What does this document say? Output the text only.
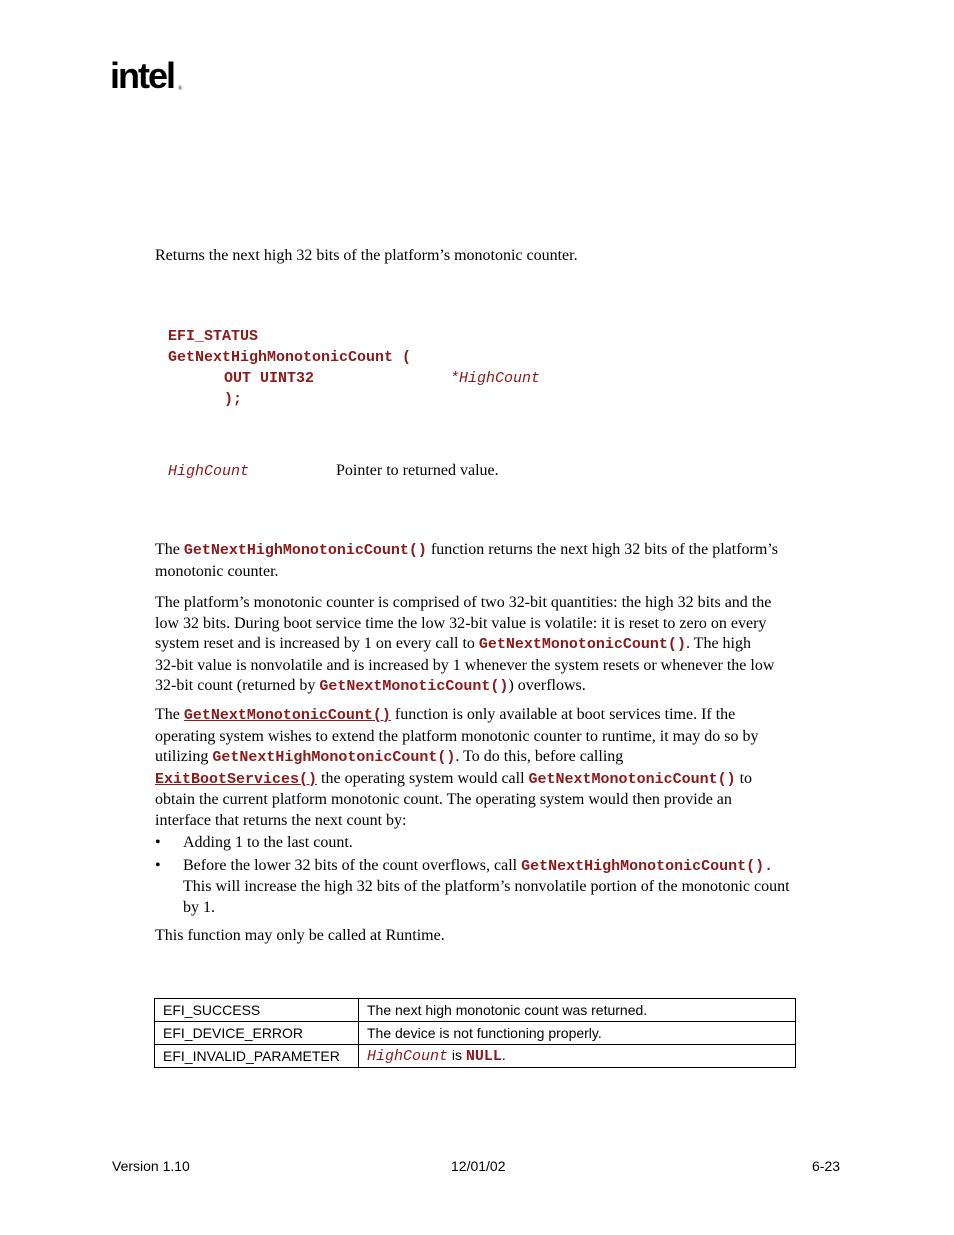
intel ®
Returns the next high 32 bits of the platform’s monotonic counter.
EFI_STATUS
GetNextHighMonotonicCount (
OUT UINT32	*HighCount
);
HighCount	Pointer to returned value.

The GetNextHighMonotonicCount() function returns the next high 32 bits of the platform’s

monotonic counter.

The platform’s monotonic counter is comprised of two 32-bit quantities: the high 32 bits and the

low 32 bits. During boot service time the low 32-bit value is volatile: it is reset to zero on every

system reset and is increased by 1 on every call to GetNextMonotonicCount(). The high

32-bit value is nonvolatile and is increased by 1 whenever the system resets or whenever the low

32-bit count (returned by GetNextMonoticCount()) overflows.

The GetNextMonotonicCount() function is only available at boot services time. If the

operating system wishes to extend the platform monotonic counter to runtime, it may do so by

utilizing GetNextHighMonotonicCount(). To do this, before calling

ExitBootServices() the operating system would call GetNextMonotonicCount() to

obtain the current platform monotonic count. The operating system would then provide an

interface that returns the next count by:

• Adding 1 to the last count.
• Before the lower 32 bits of the count overflows, call GetNextHighMonotonicCount().
This will increase the high 32 bits of the platform’s nonvolatile portion of the monotonic count
by 1.

This function may only be called at Runtime.

EFI_SUCCESS	The next high monotonic count was returned.
EFI_DEVICE_ERROR	The device is not functioning properly.
EFI_INVALID_PARAMETER	HighCount is NULL.
Version 1.10	12/01/02	6-23
